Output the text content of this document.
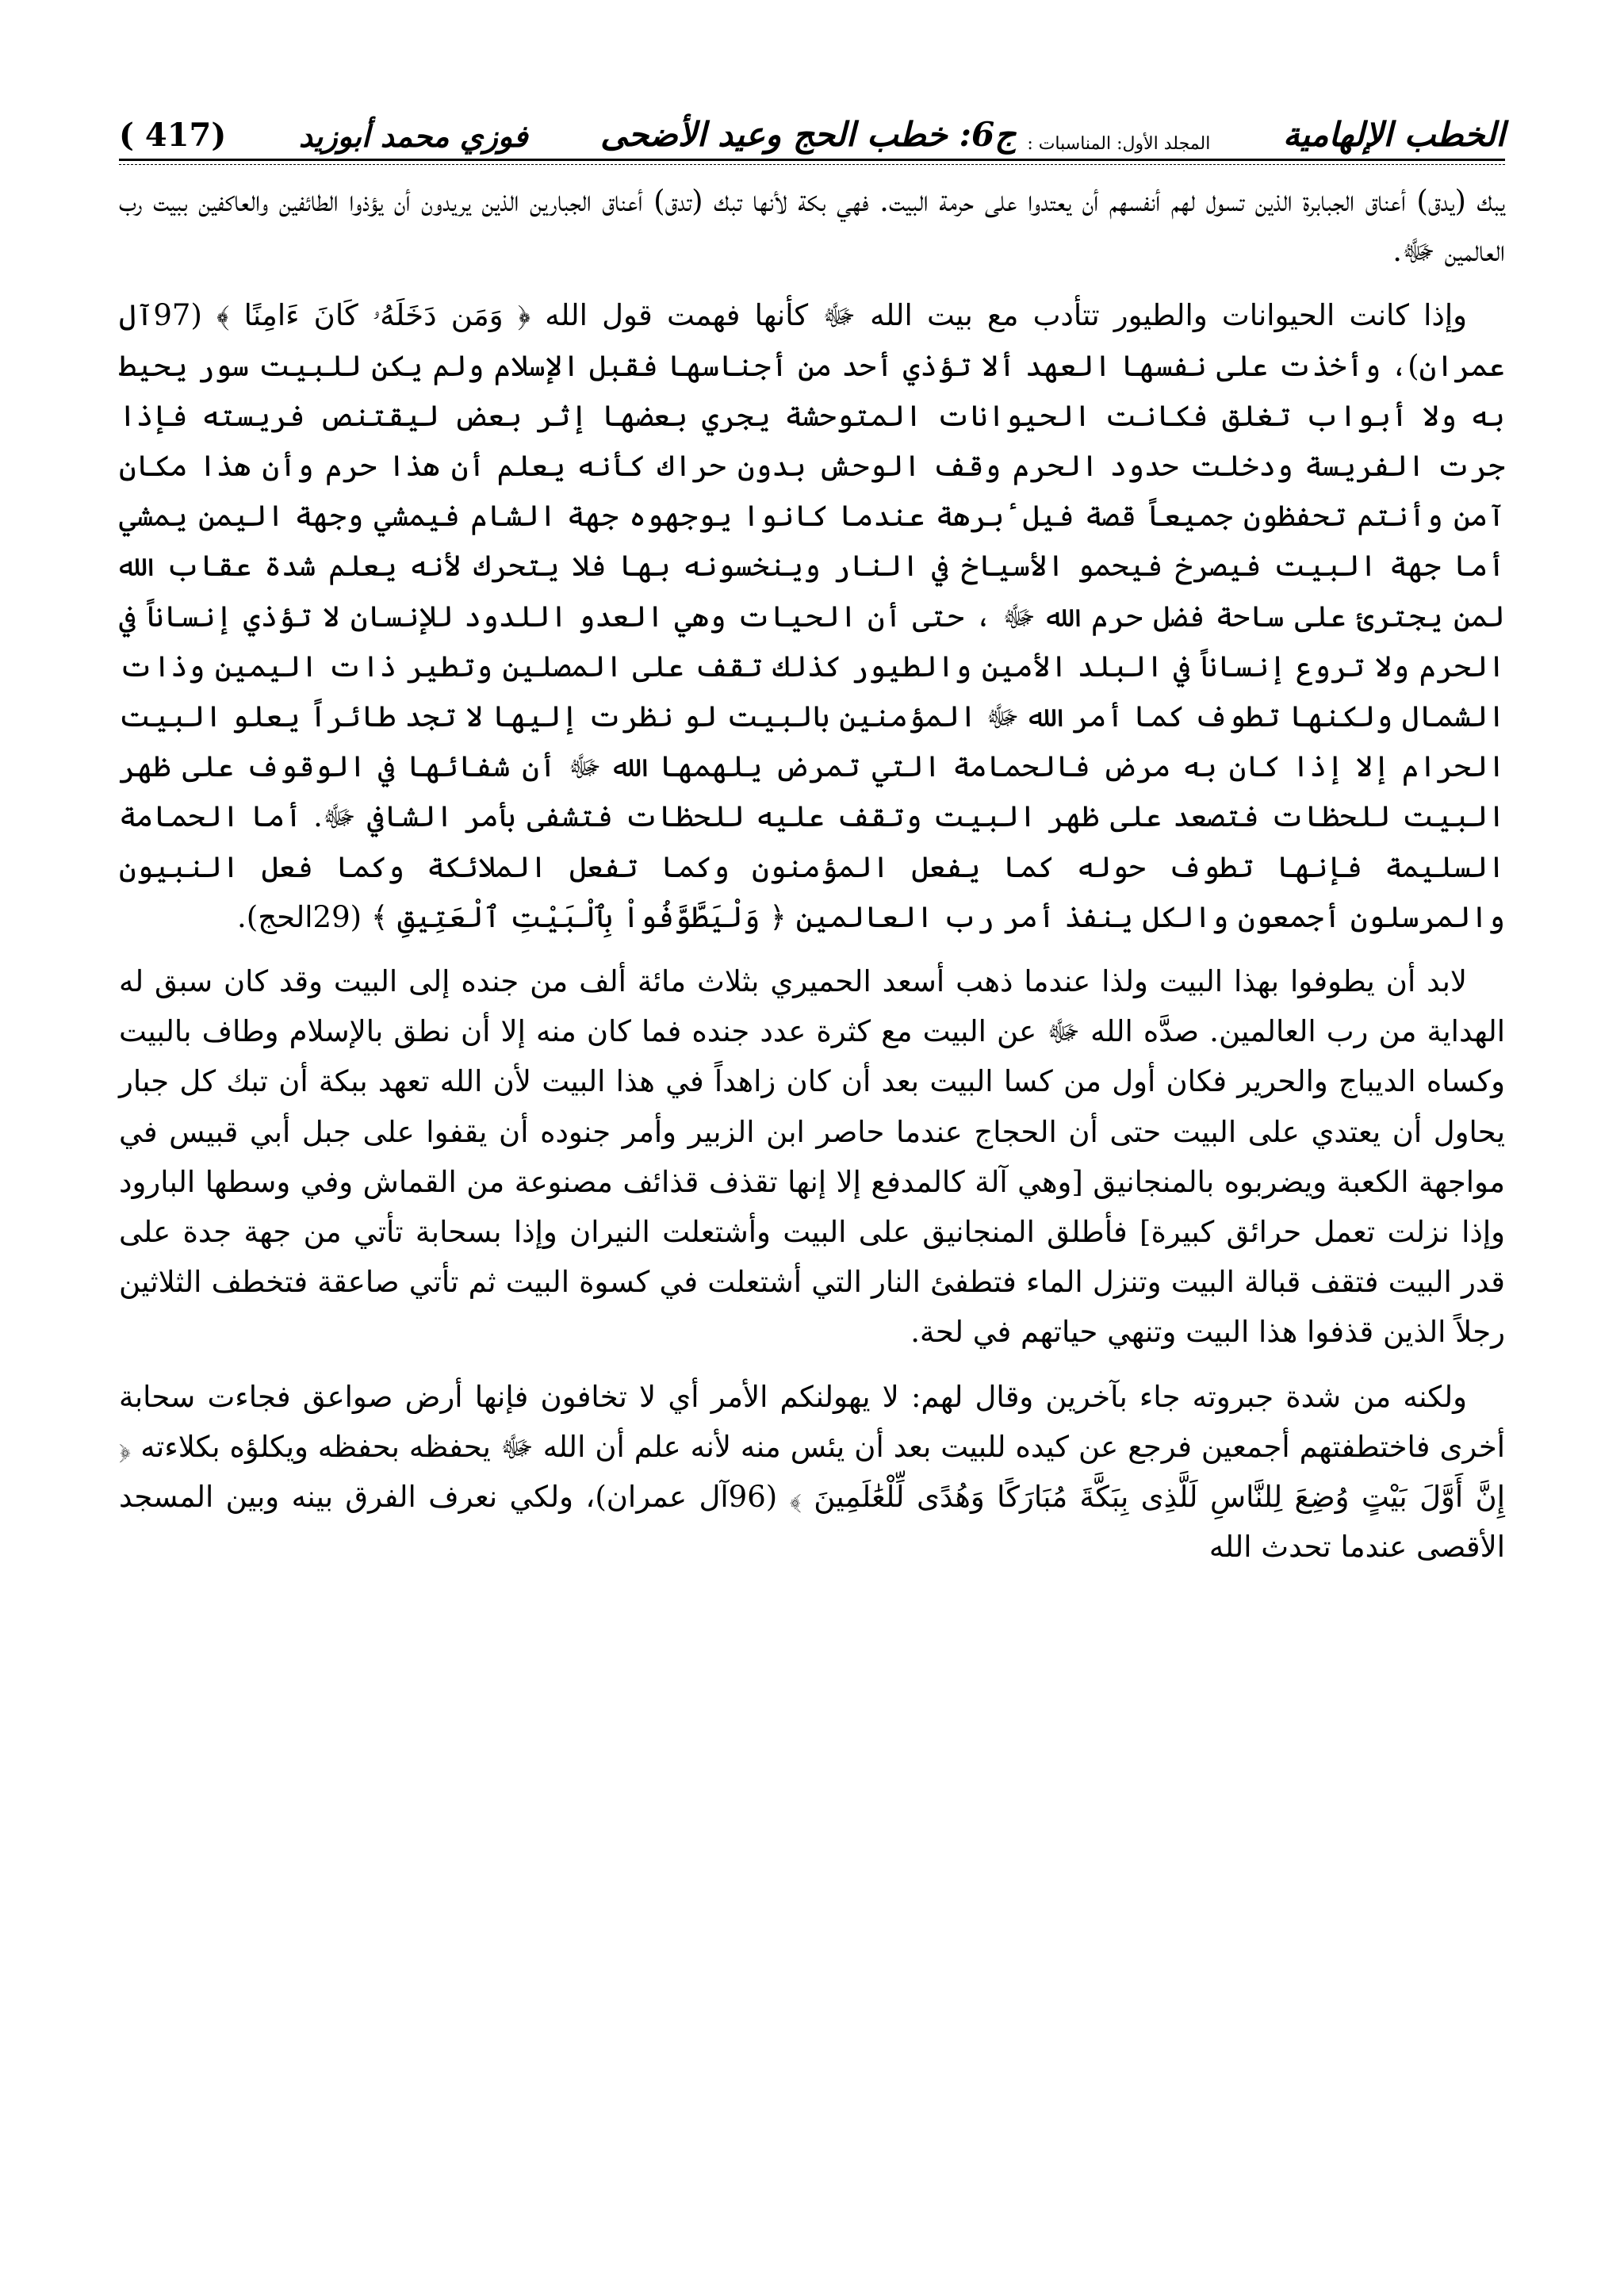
الخطب الإلهامية
المجلد الأول: المناسبات :
ج6: خطب الحج وعيد الأضحى
فوزي محمد أبوزيد
(417 )

يبك (يدق) أعناق الجبابرة الذين تسول لهم أنفسهم أن يعتدوا على حرمة البيت. فهي بكة لأنها تبك (تدق) أعناق الجبارين الذين يريدون أن يؤذوا الطائفين والعاكفين ببيت رب العالمين ﷻ.

وإذا كانت الحيوانات والطيور تتأدب مع بيت الله ﷻ كأنها فهمت قول الله ﴿ وَمَن دَخَلَهُۥ كَانَ ءَامِنًا ﴾ (97آل عمران)، وأخذت على نفسها العهد ألا تؤذي أحد من أجناسها فقبل الإسلام ولم يكن للبيت سور يحيط به ولا أبواب تغلق فكانت الحيوانات المتوحشة يجري بعضها إثر بعض ليقتنص فريسته فإذا جرت الفريسة ودخلت حدود الحرم وقف الوحش بدون حراك كأنه يعلم أن هذا حرم وأن هذا مكان آمن وأنتم تحفظون جميعاً قصة فيل ٔبرهة عندما كانوا يوجهوه جهة الشام فيمشي وجهة اليمن يمشي أما جهة البيت فيصرخ فيحمو الأسياخ في النار وينخسونه بها فلا يتحرك لأنه يعلم شدة عقاب الله لمن يجترئ على ساحة فضل حرم الله ﷻ ، حتى أن الحيات وهي العدو اللدود للإنسان لا تؤذي إنساناً في الحرم ولا تروع إنساناً في البلد الأمين والطيور كذلك تقف على المصلين وتطير ذات اليمين وذات الشمال ولكنها تطوف كما أمر الله ﷻ المؤمنين بالبيت لو نظرت إليها لا تجد طائراً يعلو البيت الحرام إلا إذا كان به مرض فالحمامة التي تمرض يلهمها الله ﷻ أن شفائها في الوقوف على ظهر البيت للحظات فتصعد على ظهر البيت وتقف عليه للحظات فتشفى بأمر الشافي ﷻ. أما الحمامة السليمة فإنها تطوف حوله كما يفعل المؤمنون وكما تفعل الملائكة وكما فعل النبيون والمرسلون أجمعون والكل ينفذ أمر رب العالمين ﴿ وَلْيَطَّوَّفُواْ بِٱلْبَيْتِ ٱلْعَتِيقِ ﴾ (29الحج).

لابد أن يطوفوا بهذا البيت ولذا عندما ذهب أسعد الحميري بثلاث مائة ألف من جنده إلى البيت وقد كان سبق له الهداية من رب العالمين. صدَّه الله ﷻ عن البيت مع كثرة عدد جنده فما كان منه إلا أن نطق بالإسلام وطاف بالبيت وكساه الديباج والحرير فكان أول من كسا البيت بعد أن كان زاهداً في هذا البيت لأن الله تعهد ببكة أن تبك كل جبار يحاول أن يعتدي على البيت حتى أن الحجاج عندما حاصر ابن الزبير وأمر جنوده أن يقفوا على جبل أبي قبيس في مواجهة الكعبة ويضربوه بالمنجانيق [وهي آلة كالمدفع إلا إنها تقذف قذائف مصنوعة من القماش وفي وسطها البارود وإذا نزلت تعمل حرائق كبيرة] فأطلق المنجانيق على البيت وأشتعلت النيران وإذا بسحابة تأتي من جهة جدة على قدر البيت فتقف قبالة البيت وتنزل الماء فتطفئ النار التي أشتعلت في كسوة البيت ثم تأتي صاعقة فتخطف الثلاثين رجلاً الذين قذفوا هذا البيت وتنهي حياتهم في لحة.

ولكنه من شدة جبروته جاء بآخرين وقال لهم: لا يهولنكم الأمر أي لا تخافون فإنها أرض صواعق فجاءت سحابة أخرى فاختطفتهم أجمعين فرجع عن كيده للبيت بعد أن يئس منه لأنه علم أن الله ﷻ يحفظه بحفظه ويكلؤه بكلاءته ﴿ إِنَّ أَوَّلَ بَيْتٍ وُضِعَ لِلنَّاسِ لَلَّذِى بِبَكَّةَ مُبَارَكًا وَهُدًى لِّلْعَٰلَمِينَ ﴾ (96آل عمران)، ولكي نعرف الفرق بينه وبين المسجد الأقصى عندما تحدث الله
